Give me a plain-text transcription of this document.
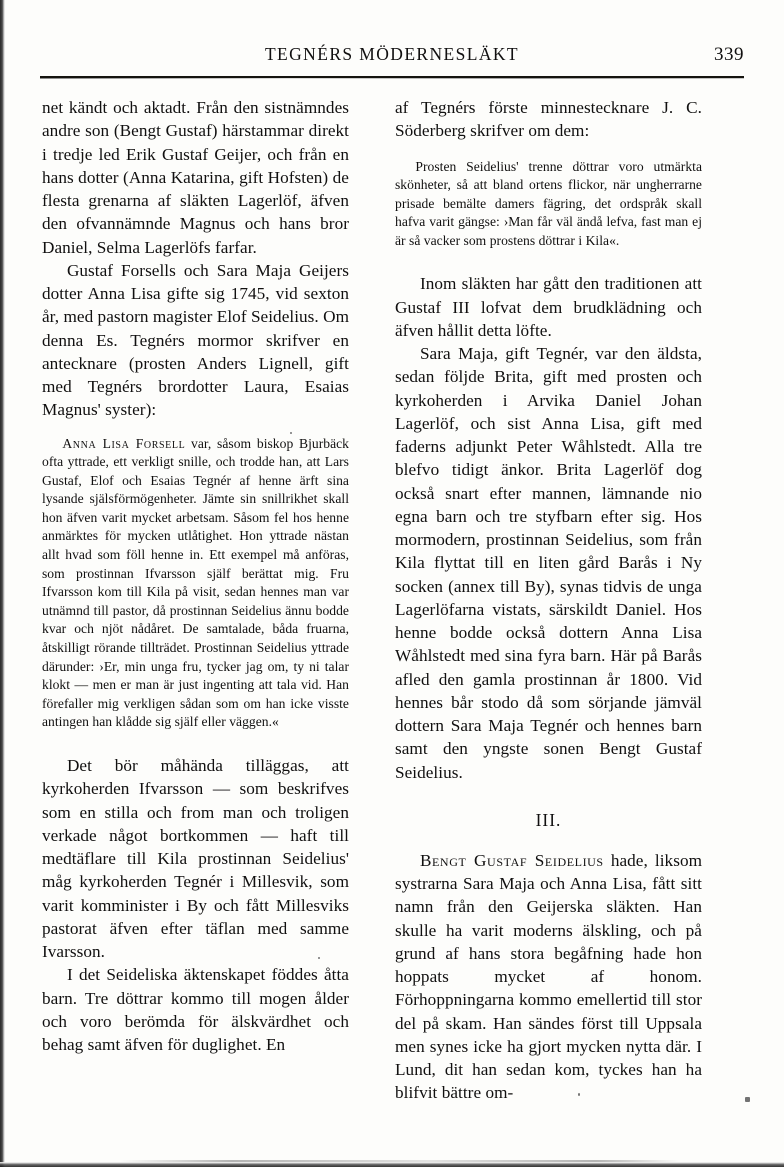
TEGNÉRS MÖDERNESLÄKT	339

net kändt och aktadt. Från den sistnämndes andre son (Bengt Gustaf) härstammar direkt i tredje led Erik Gustaf Geijer, och från en hans dotter (Anna Katarina, gift Hofsten) de flesta grenarna af släkten Lagerlöf, äfven den ofvannämnde Magnus och hans bror Daniel, Selma Lagerlöfs farfar.

Gustaf Forsells och Sara Maja Geijers dotter Anna Lisa gifte sig 1745, vid sexton år, med pastorn magister Elof Seidelius. Om denna Es. Tegnérs mormor skrifver en antecknare (prosten Anders Lignell, gift med Tegnérs brordotter Laura, Esaias Magnus' syster):

Anna Lisa Forsell var, såsom biskop Bjurbäck ofta yttrade, ett verkligt snille, och trodde han, att Lars Gustaf, Elof och Esaias Tegnér af henne ärft sina lysande själsförmögenheter. Jämte sin snillrikhet skall hon äfven varit mycket arbetsam. Såsom fel hos henne anmärktes för mycken utlåtighet. Hon yttrade nästan allt hvad som föll henne in. Ett exempel må anföras, som prostinnan Ifvarsson själf berättat mig. Fru Ifvarsson kom till Kila på visit, sedan hennes man var utnämnd till pastor, då prostinnan Seidelius ännu bodde kvar och njöt nådåret. De samtalade, båda fruarna, åtskilligt rörande tillträdet. Prostinnan Seidelius yttrade därunder: ›Er, min unga fru, tycker jag om, ty ni talar klokt — men er man är just ingenting att tala vid. Han förefaller mig verkligen sådan som om han icke visste antingen han klådde sig själf eller väggen.«

Det bör måhända tilläggas, att kyrkoherden Ifvarsson — som beskrifves som en stilla och from man och troligen verkade något bortkommen — haft till medtäflare till Kila prostinnan Seidelius' måg kyrkoherden Tegnér i Millesvik, som varit komminister i By och fått Millesviks pastorat äfven efter täflan med samme Ivarsson.

I det Seideliska äktenskapet föddes åtta barn. Tre döttrar kommo till mogen ålder och voro berömda för älskvärdhet och behag samt äfven för duglighet. En

af Tegnérs förste minnestecknare J. C. Söderberg skrifver om dem:

Prosten Seidelius' trenne döttrar voro utmärkta skönheter, så att bland ortens flickor, när ungherrarne prisade bemälte damers fägring, det ordspråk skall hafva varit gängse: ›Man får väl ändå lefva, fast man ej är så vacker som prostens döttrar i Kila«.

Inom släkten har gått den traditionen att Gustaf III lofvat dem brudklädning och äfven hållit detta löfte.

Sara Maja, gift Tegnér, var den äldsta, sedan följde Brita, gift med prosten och kyrkoherden i Arvika Daniel Johan Lagerlöf, och sist Anna Lisa, gift med faderns adjunkt Peter Wåhlstedt. Alla tre blefvo tidigt änkor. Brita Lagerlöf dog också snart efter mannen, lämnande nio egna barn och tre styfbarn efter sig. Hos mormodern, prostinnan Seidelius, som från Kila flyttat till en liten gård Barås i Ny socken (annex till By), synas tidvis de unga Lagerlöfarna vistats, särskildt Daniel. Hos henne bodde också dottern Anna Lisa Wåhlstedt med sina fyra barn. Här på Barås afled den gamla prostinnan år 1800. Vid hennes bår stodo då som sörjande jämväl dottern Sara Maja Tegnér och hennes barn samt den yngste sonen Bengt Gustaf Seidelius.

III.

Bengt Gustaf Seidelius hade, liksom systrarna Sara Maja och Anna Lisa, fått sitt namn från den Geijerska släkten. Han skulle ha varit moderns älskling, och på grund af hans stora begåfning hade hon hoppats mycket af honom. Förhoppningarna kommo emellertid till stor del på skam. Han sändes först till Uppsala men synes icke ha gjort mycken nytta där. I Lund, dit han sedan kom, tyckes han ha blifvit bättre om-
